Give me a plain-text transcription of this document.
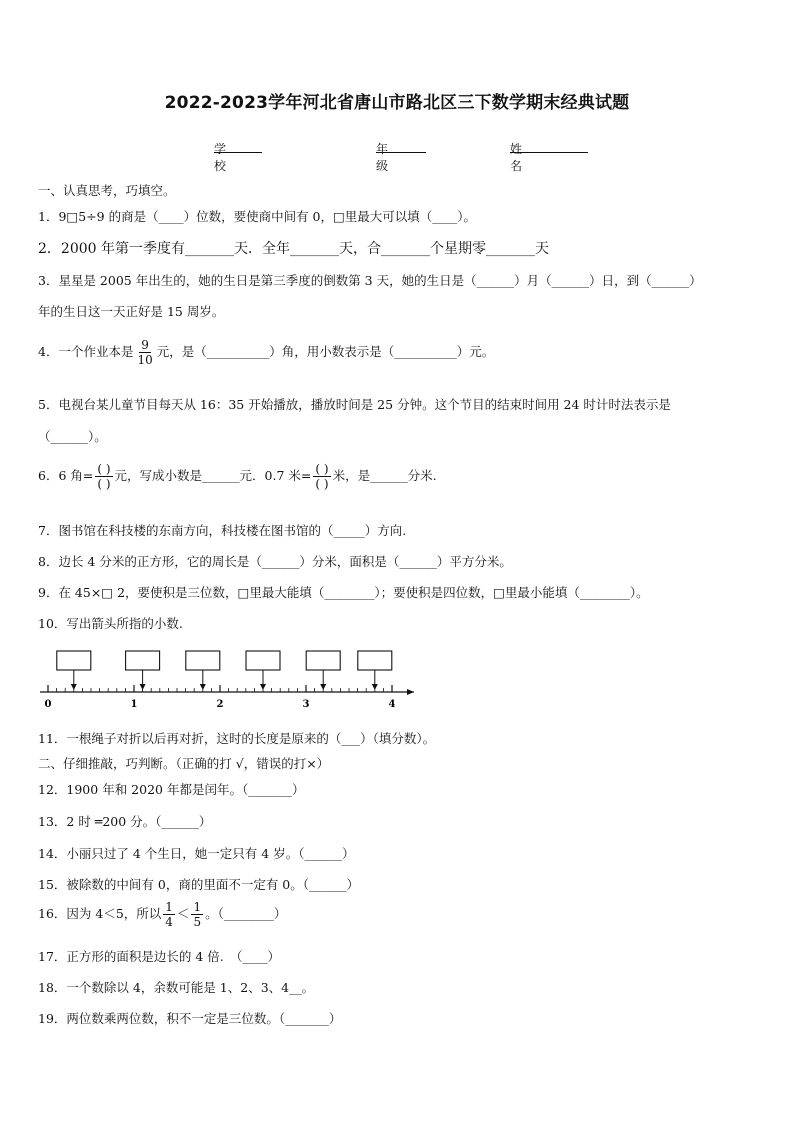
2022-2023学年河北省唐山市路北区三下数学期末经典试题
学校
年级
姓名
一、认真思考，巧填空。
1．9□5÷9 的商是（____）位数，要使商中间有 0，□里最大可以填（____）。
2．2000 年第一季度有_______天．全年_______天，合_______个星期零_______天
3．星星是 2005 年出生的，她的生日是第三季度的倒数第 3 天，她的生日是（______）月（______）日，到（______）
年的生日这一天正好是 15 周岁。
4．一个作业本是 $\frac{9}{10}$ 元，是（__________）角，用小数表示是（__________）元。
5．电视台某儿童节目每天从 16：35 开始播放，播放时间是 25 分钟。这个节目的结束时间用 24 时计时法表示是
（______）。
6．6 角= $\frac{( )}{( )}$ 元，写成小数是______元．0.7 米= $\frac{( )}{( )}$ 米，是______分米.
7．图书馆在科技楼的东南方向，科技楼在图书馆的（_____）方向.
8．边长 4 分米的正方形，它的周长是（______）分米，面积是（______）平方分米。
9．在 45×□ 2，要使积是三位数，□里最大能填（________）；要使积是四位数，□里最小能填（________）。
10．写出箭头所指的小数.
0	1	2	3	4
11．一根绳子对折以后再对折，这时的长度是原来的（___）（填分数）。
二、仔细推敲，巧判断。（正确的打 √，错误的打×）
12．1900 年和 2020 年都是闰年。（_______）
13．2 时 ═200 分。（______）
14．小丽只过了 4 个生日，她一定只有 4 岁。（______）
15．被除数的中间有 0，商的里面不一定有 0。（______）
16．因为 4＜5，所以 $\frac{1}{4} < \frac{1}{5}$ 。（________）
17．正方形的面积是边长的 4 倍.　（____）
18．一个数除以 4，余数可能是 1、2、3、4__。
19．两位数乘两位数，积不一定是三位数。（_______）
